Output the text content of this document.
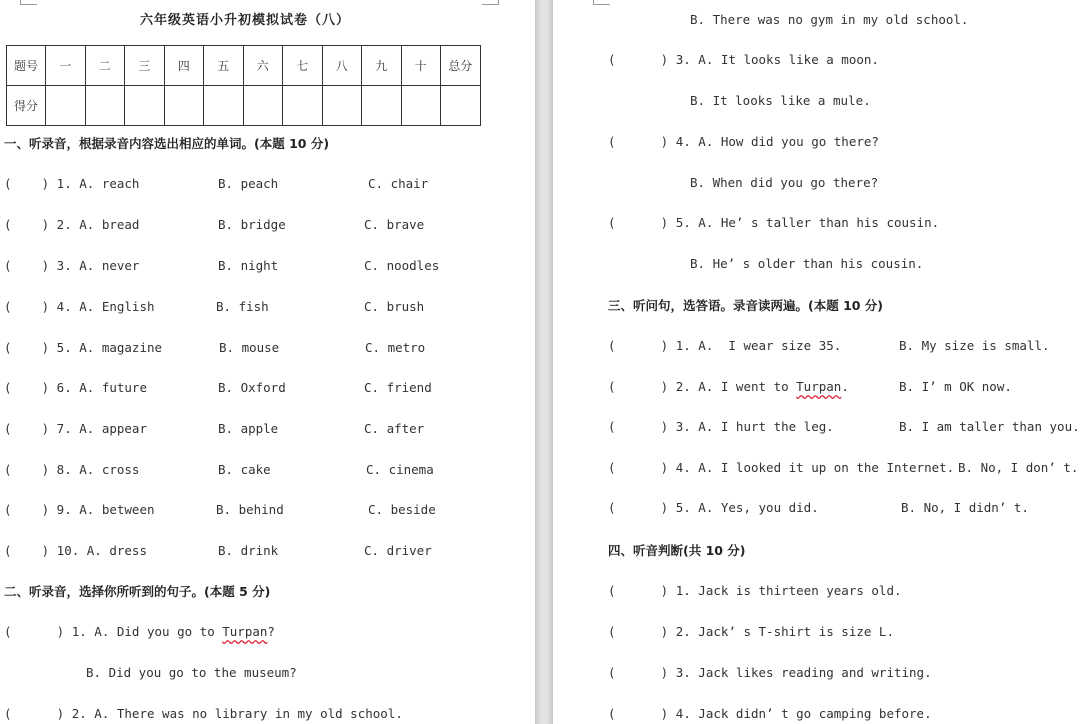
六年级英语小升初模拟试卷（八）
题号	一	二	三	四	五	六	七	八	九	十	总分
得分											
一、听录音，根据录音内容选出相应的单词。(本题 10 分)
(    ) 1. A. reach	B. peach	C. chair
(    ) 2. A. bread	B. bridge	C. brave
(    ) 3. A. never	B. night	C. noodles
(    ) 4. A. English	B. fish	C. brush
(    ) 5. A. magazine	B. mouse	C. metro
(    ) 6. A. future	B. Oxford	C. friend
(    ) 7. A. appear	B. apple	C. after
(    ) 8. A. cross	B. cake	C. cinema
(    ) 9. A. between	B. behind	C. beside
(    ) 10. A. dress	B. drink	C. driver
二、听录音，选择你所听到的句子。(本题 5 分)
(      ) 1. A. Did you go to Turpan?
B. Did you go to the museum?
(      ) 2. A. There was no library in my old school.
B. There was no gym in my old school.
(      ) 3. A. It looks like a moon.
B. It looks like a mule.
(      ) 4. A. How did you go there?
B. When did you go there?
(      ) 5. A. He’ s taller than his cousin.
B. He’ s older than his cousin.
三、听问句，选答语。录音读两遍。(本题 10 分)
(      ) 1. A.  I wear size 35.	B. My size is small.
(      ) 2. A. I went to Turpan.	B. I’ m OK now.
(      ) 3. A. I hurt the leg.	B. I am taller than you.
(      ) 4. A. I looked it up on the Internet. B. No, I don’ t.
(      ) 5. A. Yes, you did.	B. No, I didn’ t.
四、听音判断(共 10 分)
(      ) 1. Jack is thirteen years old.
(      ) 2. Jack’ s T-shirt is size L.
(      ) 3. Jack likes reading and writing.
(      ) 4. Jack didn’ t go camping before.
